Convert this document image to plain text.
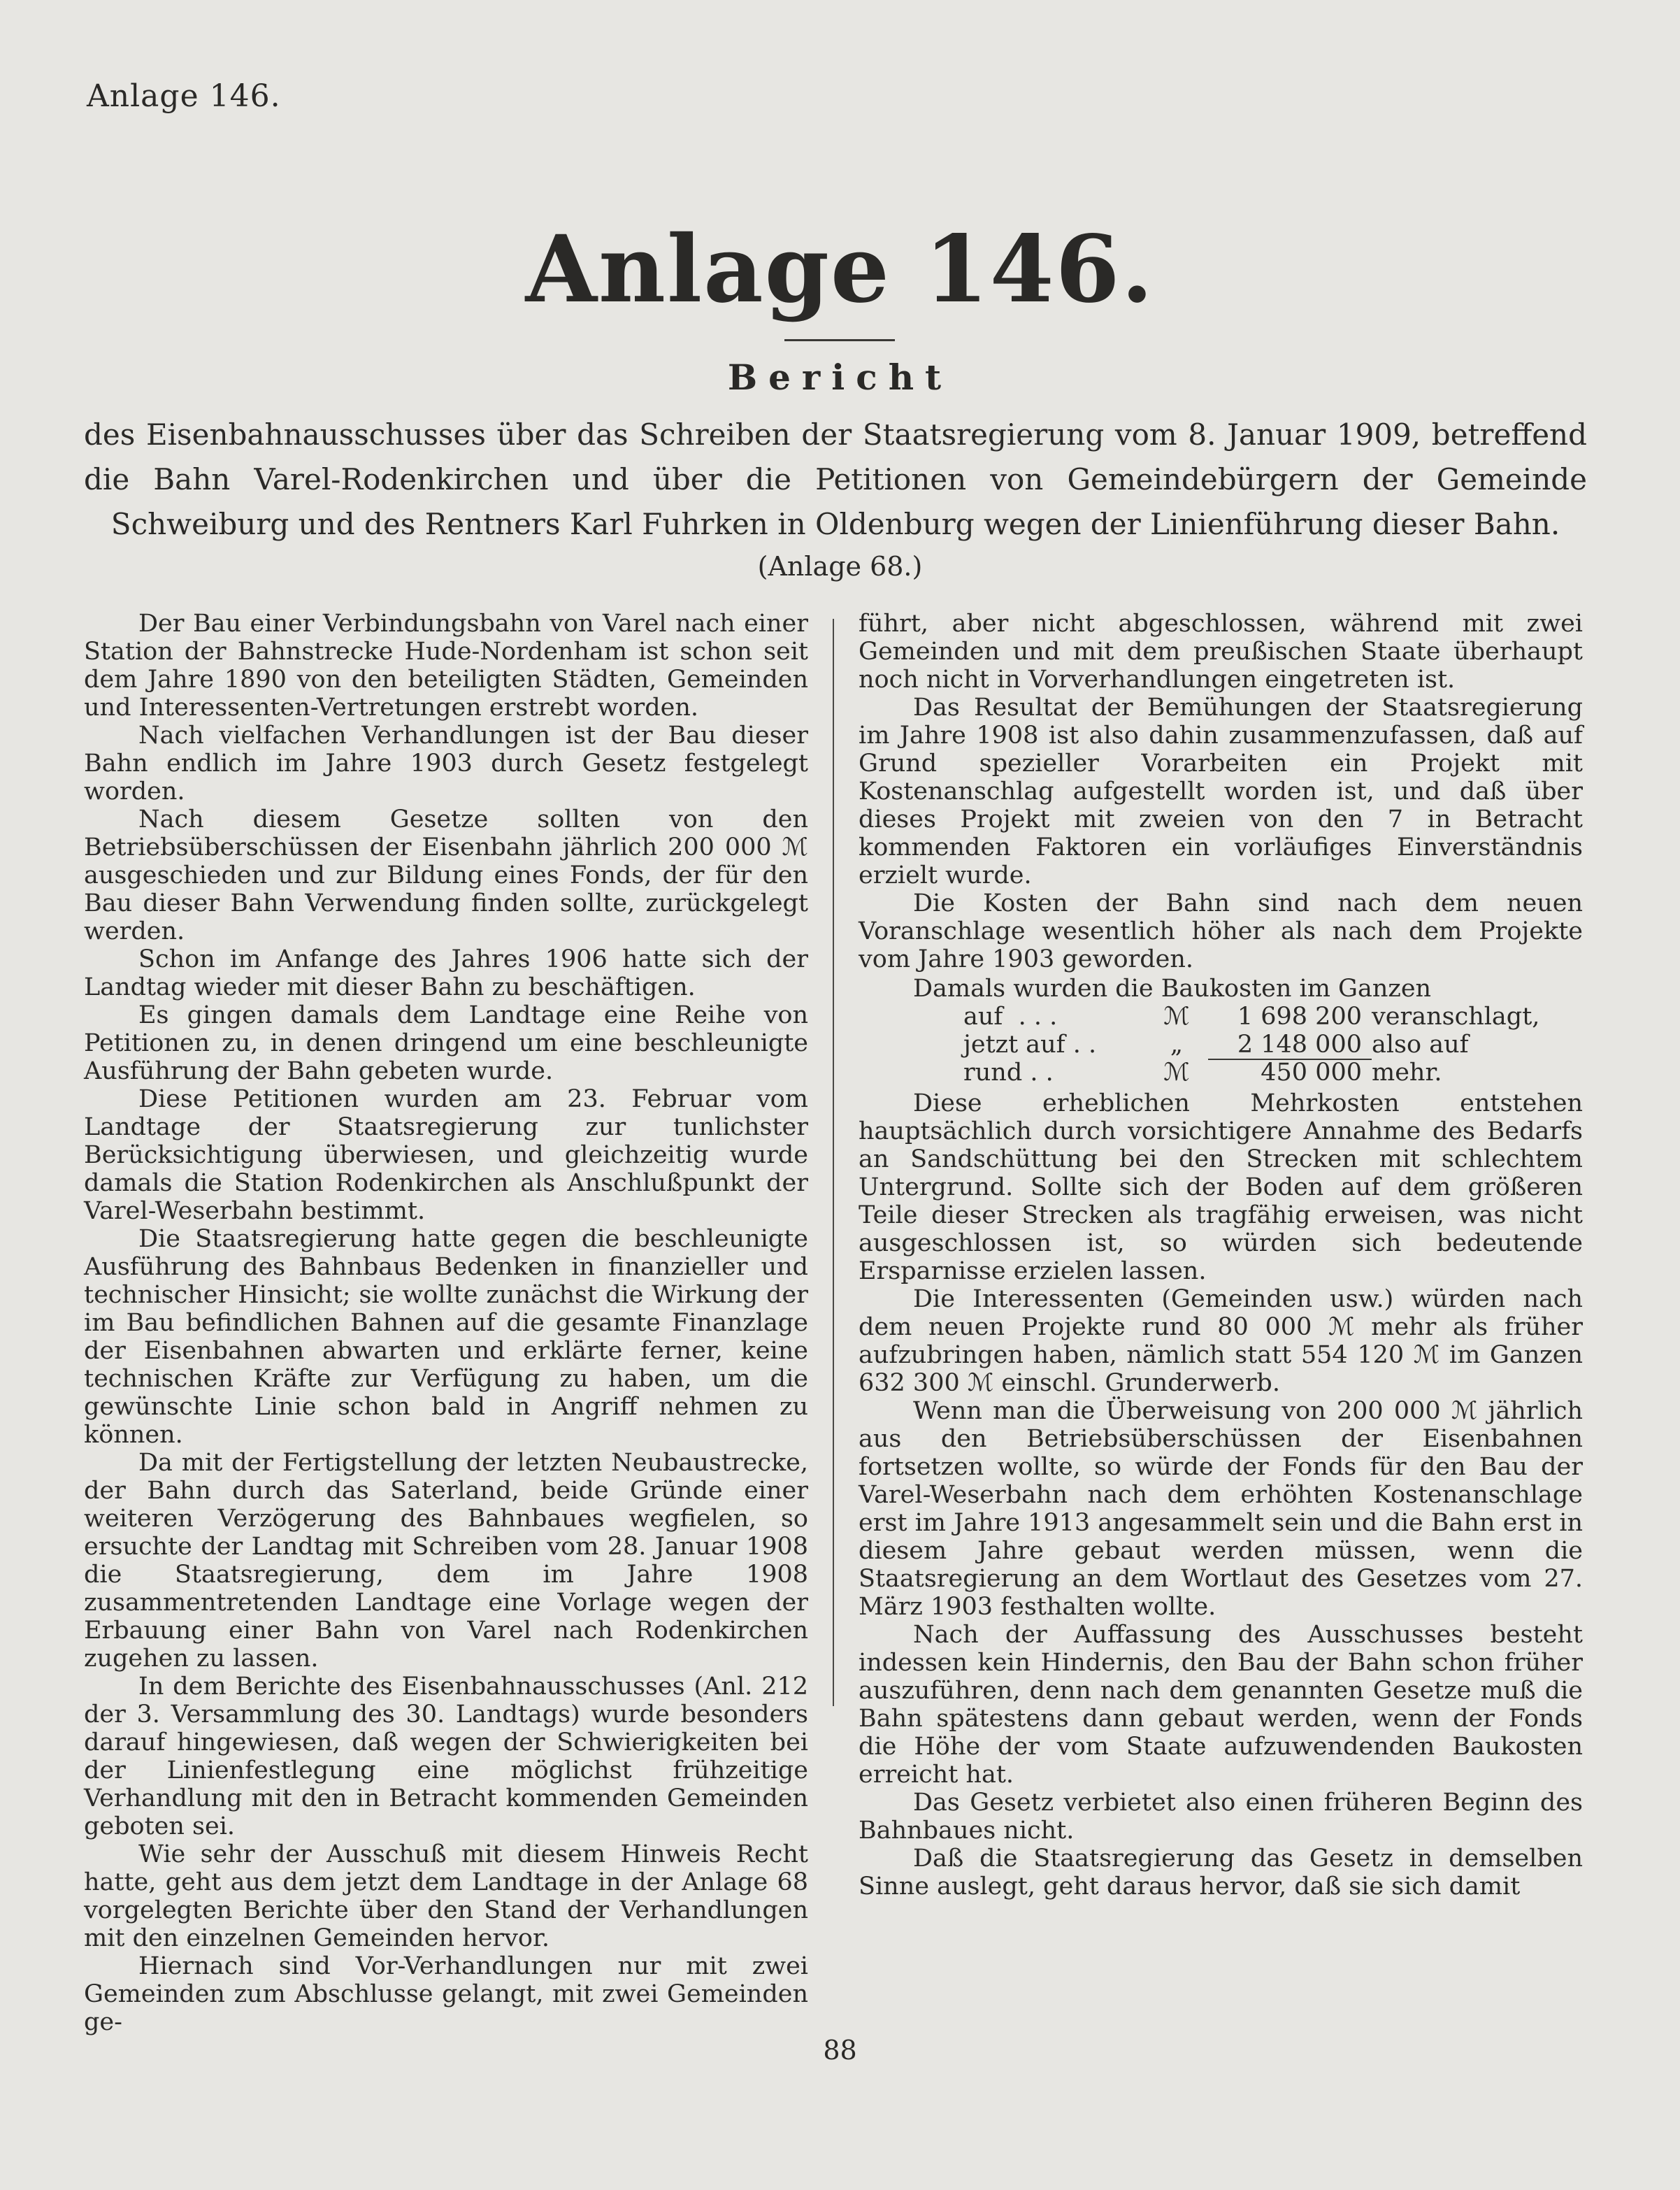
Anlage 146.
Anlage 146.
Bericht
des Eisenbahnausschusses über das Schreiben der Staatsregierung vom 8. Januar 1909, betreffend die Bahn Varel-Rodenkirchen und über die Petitionen von Gemeindebürgern der Gemeinde Schweiburg und des Rentners Karl Fuhrken in Oldenburg wegen der Linienführung dieser Bahn.
(Anlage 68.)

Der Bau einer Verbindungsbahn von Varel nach einer Station der Bahnstrecke Hude-Nordenham ist schon seit dem Jahre 1890 von den beteiligten Städten, Gemeinden und Interessenten-Vertretungen erstrebt worden.

Nach vielfachen Verhandlungen ist der Bau dieser Bahn endlich im Jahre 1903 durch Gesetz festgelegt worden.

Nach diesem Gesetze sollten von den Betriebsüberschüssen der Eisenbahn jährlich 200 000 ℳ ausgeschieden und zur Bildung eines Fonds, der für den Bau dieser Bahn Verwendung finden sollte, zurückgelegt werden.

Schon im Anfange des Jahres 1906 hatte sich der Landtag wieder mit dieser Bahn zu beschäftigen.

Es gingen damals dem Landtage eine Reihe von Petitionen zu, in denen dringend um eine beschleunigte Ausführung der Bahn gebeten wurde.

Diese Petitionen wurden am 23. Februar vom Landtage der Staatsregierung zur tunlichster Berücksichtigung überwiesen, und gleichzeitig wurde damals die Station Rodenkirchen als Anschlußpunkt der Varel-Weserbahn bestimmt.

Die Staatsregierung hatte gegen die beschleunigte Ausführung des Bahnbaus Bedenken in finanzieller und technischer Hinsicht; sie wollte zunächst die Wirkung der im Bau befindlichen Bahnen auf die gesamte Finanzlage der Eisenbahnen abwarten und erklärte ferner, keine technischen Kräfte zur Verfügung zu haben, um die gewünschte Linie schon bald in Angriff nehmen zu können.

Da mit der Fertigstellung der letzten Neubaustrecke, der Bahn durch das Saterland, beide Gründe einer weiteren Verzögerung des Bahnbaues wegfielen, so ersuchte der Landtag mit Schreiben vom 28. Januar 1908 die Staatsregierung, dem im Jahre 1908 zusammentretenden Landtage eine Vorlage wegen der Erbauung einer Bahn von Varel nach Rodenkirchen zugehen zu lassen.

In dem Berichte des Eisenbahnausschusses (Anl. 212 der 3. Versammlung des 30. Landtags) wurde besonders darauf hingewiesen, daß wegen der Schwierigkeiten bei der Linienfestlegung eine möglichst frühzeitige Verhandlung mit den in Betracht kommenden Gemeinden geboten sei.

Wie sehr der Ausschuß mit diesem Hinweis Recht hatte, geht aus dem jetzt dem Landtage in der Anlage 68 vorgelegten Berichte über den Stand der Verhandlungen mit den einzelnen Gemeinden hervor.

Hiernach sind Vor-Verhandlungen nur mit zwei Gemeinden zum Abschlusse gelangt, mit zwei Gemeinden ge-

führt, aber nicht abgeschlossen, während mit zwei Gemeinden und mit dem preußischen Staate überhaupt noch nicht in Vorverhandlungen eingetreten ist.

Das Resultat der Bemühungen der Staatsregierung im Jahre 1908 ist also dahin zusammenzufassen, daß auf Grund spezieller Vorarbeiten ein Projekt mit Kostenanschlag aufgestellt worden ist, und daß über dieses Projekt mit zweien von den 7 in Betracht kommenden Faktoren ein vorläufiges Einverständnis erzielt wurde.

Die Kosten der Bahn sind nach dem neuen Voranschlage wesentlich höher als nach dem Projekte vom Jahre 1903 geworden.

Damals wurden die Baukosten im Ganzen
auf  . . .	ℳ	1 698 200 veranschlagt,
jetzt auf . .	„	2 148 000 also auf
rund . .	ℳ	450 000 mehr.

Diese erheblichen Mehrkosten entstehen hauptsächlich durch vorsichtigere Annahme des Bedarfs an Sandschüttung bei den Strecken mit schlechtem Untergrund. Sollte sich der Boden auf dem größeren Teile dieser Strecken als tragfähig erweisen, was nicht ausgeschlossen ist, so würden sich bedeutende Ersparnisse erzielen lassen.

Die Interessenten (Gemeinden usw.) würden nach dem neuen Projekte rund 80 000 ℳ mehr als früher aufzubringen haben, nämlich statt 554 120 ℳ im Ganzen 632 300 ℳ einschl. Grunderwerb.

Wenn man die Überweisung von 200 000 ℳ jährlich aus den Betriebsüberschüssen der Eisenbahnen fortsetzen wollte, so würde der Fonds für den Bau der Varel-Weserbahn nach dem erhöhten Kostenanschlage erst im Jahre 1913 angesammelt sein und die Bahn erst in diesem Jahre gebaut werden müssen, wenn die Staatsregierung an dem Wortlaut des Gesetzes vom 27. März 1903 festhalten wollte.

Nach der Auffassung des Ausschusses besteht indessen kein Hindernis, den Bau der Bahn schon früher auszuführen, denn nach dem genannten Gesetze muß die Bahn spätestens dann gebaut werden, wenn der Fonds die Höhe der vom Staate aufzuwendenden Baukosten erreicht hat.

Das Gesetz verbietet also einen früheren Beginn des Bahnbaues nicht.

Daß die Staatsregierung das Gesetz in demselben Sinne auslegt, geht daraus hervor, daß sie sich damit

88
